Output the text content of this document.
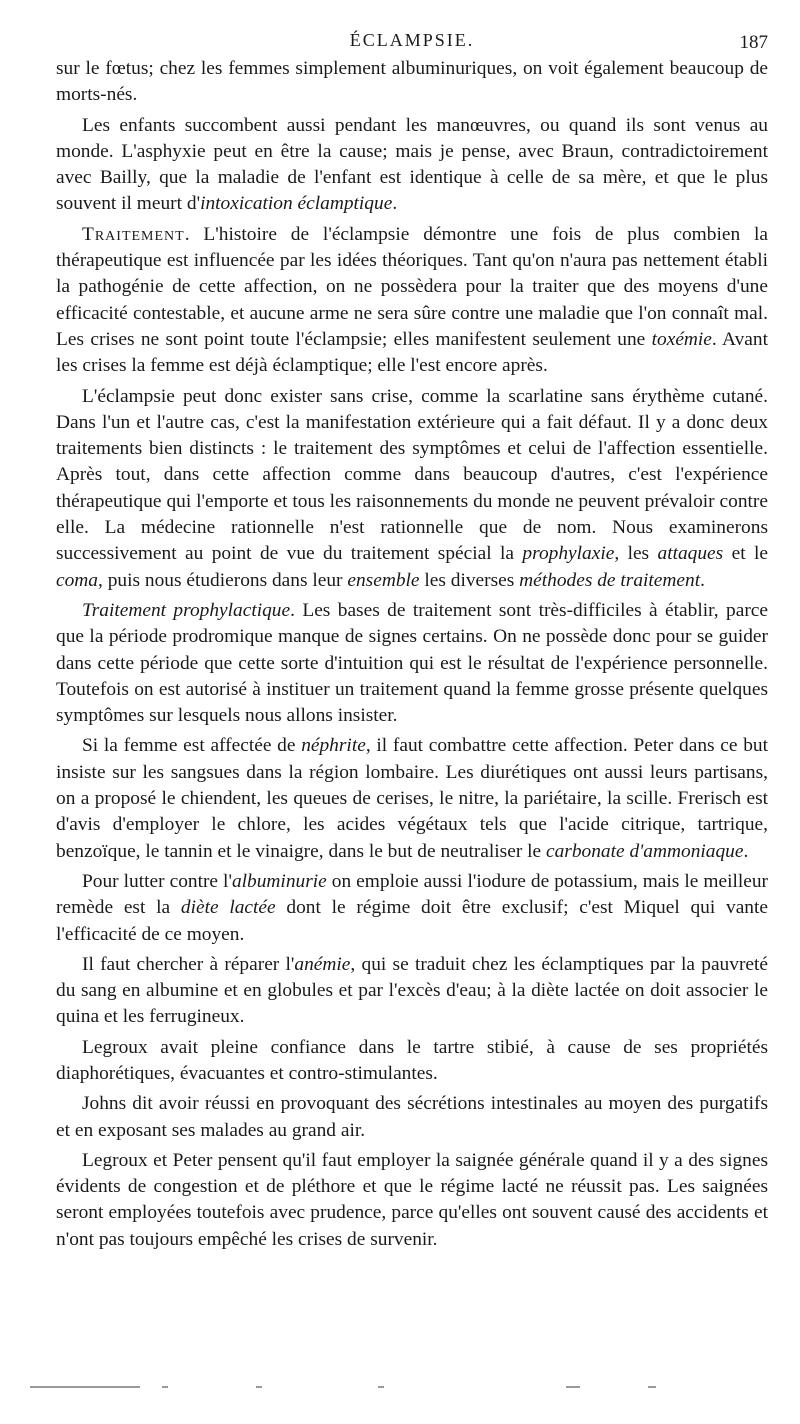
ÉCLAMPSIE.	187

sur le fœtus; chez les femmes simplement albuminuriques, on voit également beaucoup de morts-nés.

Les enfants succombent aussi pendant les manœuvres, ou quand ils sont venus au monde. L'asphyxie peut en être la cause; mais je pense, avec Braun, contradictoirement avec Bailly, que la maladie de l'enfant est identique à celle de sa mère, et que le plus souvent il meurt d'intoxication éclamptique.

Traitement. L'histoire de l'éclampsie démontre une fois de plus combien la thérapeutique est influencée par les idées théoriques. Tant qu'on n'aura pas nettement établi la pathogénie de cette affection, on ne possèdera pour la traiter que des moyens d'une efficacité contestable, et aucune arme ne sera sûre contre une maladie que l'on connaît mal. Les crises ne sont point toute l'éclampsie; elles manifestent seulement une toxémie. Avant les crises la femme est déjà éclamptique; elle l'est encore après.

L'éclampsie peut donc exister sans crise, comme la scarlatine sans érythème cutané. Dans l'un et l'autre cas, c'est la manifestation extérieure qui a fait défaut. Il y a donc deux traitements bien distincts : le traitement des symptômes et celui de l'affection essentielle. Après tout, dans cette affection comme dans beaucoup d'autres, c'est l'expérience thérapeutique qui l'emporte et tous les raisonnements du monde ne peuvent prévaloir contre elle. La médecine rationnelle n'est rationnelle que de nom. Nous examinerons successivement au point de vue du traitement spécial la prophylaxie, les attaques et le coma, puis nous étudierons dans leur ensemble les diverses méthodes de traitement.

Traitement prophylactique. Les bases de traitement sont très-difficiles à établir, parce que la période prodromique manque de signes certains. On ne possède donc pour se guider dans cette période que cette sorte d'intuition qui est le résultat de l'expérience personnelle. Toutefois on est autorisé à instituer un traitement quand la femme grosse présente quelques symptômes sur lesquels nous allons insister.

Si la femme est affectée de néphrite, il faut combattre cette affection. Peter dans ce but insiste sur les sangsues dans la région lombaire. Les diurétiques ont aussi leurs partisans, on a proposé le chiendent, les queues de cerises, le nitre, la pariétaire, la scille. Frerisch est d'avis d'employer le chlore, les acides végétaux tels que l'acide citrique, tartrique, benzoïque, le tannin et le vinaigre, dans le but de neutraliser le carbonate d'ammoniaque.

Pour lutter contre l'albuminurie on emploie aussi l'iodure de potassium, mais le meilleur remède est la diète lactée dont le régime doit être exclusif; c'est Miquel qui vante l'efficacité de ce moyen.

Il faut chercher à réparer l'anémie, qui se traduit chez les éclamptiques par la pauvreté du sang en albumine et en globules et par l'excès d'eau; à la diète lactée on doit associer le quina et les ferrugineux.

Legroux avait pleine confiance dans le tartre stibié, à cause de ses propriétés diaphorétiques, évacuantes et contro-stimulantes.

Johns dit avoir réussi en provoquant des sécrétions intestinales au moyen des purgatifs et en exposant ses malades au grand air.

Legroux et Peter pensent qu'il faut employer la saignée générale quand il y a des signes évidents de congestion et de pléthore et que le régime lacté ne réussit pas. Les saignées seront employées toutefois avec prudence, parce qu'elles ont souvent causé des accidents et n'ont pas toujours empêché les crises de survenir.
